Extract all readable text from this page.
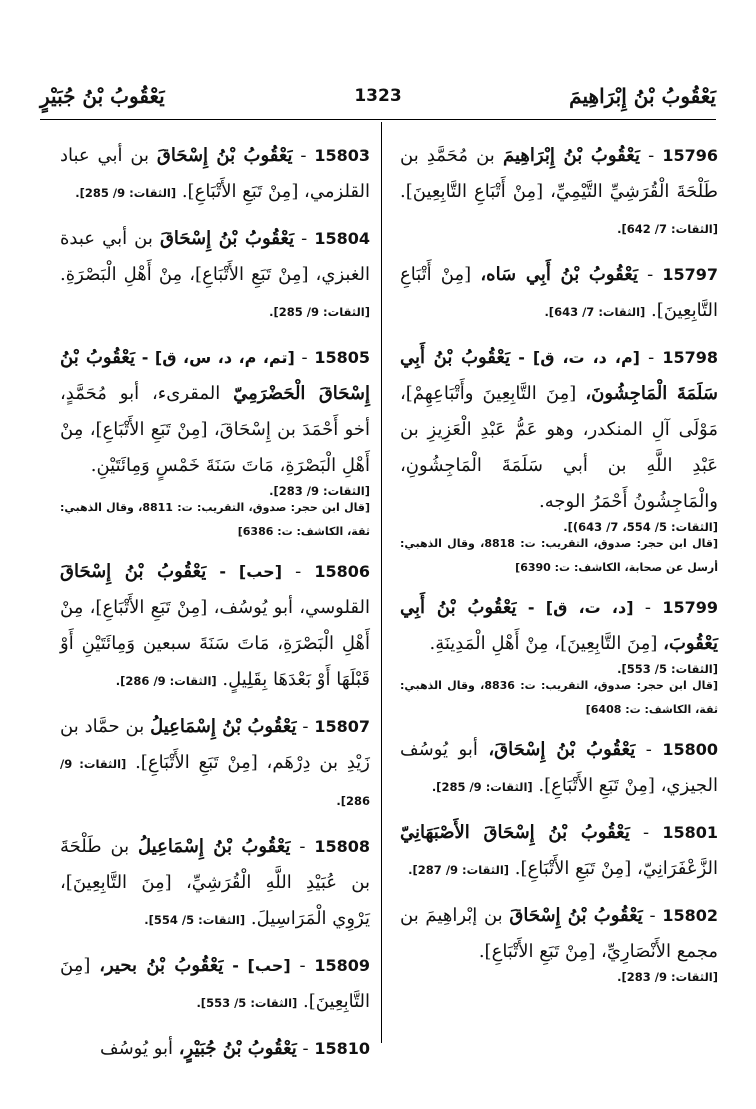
يَعْقُوبُ بْنُ إِبْرَاهِيمَ
1323
يَعْقُوبُ بْنُ جُبَيْرٍ
15796 - يَعْقُوبُ بْنُ إِبْرَاهِيمَ بن مُحَمَّدِ بن طَلْحَةَ الْقُرَشِيِّ التَّيْمِيِّ، [مِنْ أَتْبَاعِ التَّابِعِينَ]. [الثقات: 7/ 642].
15797 - يَعْقُوبُ بْنُ أَبِي سَاه، [مِنْ أَتْبَاعِ التَّابِعِينَ]. [الثقات: 7/ 643].
15798 - [م، د، ت، ق] - يَعْقُوبُ بْنُ أَبِي سَلَمَةَ الْمَاجِشُونَ، [مِنَ التَّابِعِينَ وأَتْبَاعِهِمْ]، مَوْلَى آلِ المنكدر، وهو عَمُّ عَبْدِ الْعَزِيزِ بن عَبْدِ اللَّهِ بن أبي سَلَمَةَ الْمَاجِشُونِ، والْمَاجِشُونُ أَحْمَرُ الوجه.
[الثقات: 5/ 554، 7/ 643)].
[قال ابن حجر: صدوق، التقريب: ت: 8818، وقال الذهبي: أرسل عن صحابة، الكاشف: ت: 6390]
15799 - [د، ت، ق] - يَعْقُوبُ بْنُ أَبِي يَعْقُوبَ، [مِنَ التَّابِعِينَ]، مِنْ أَهْلِ الْمَدِينَةِ.
[الثقات: 5/ 553].
[قال ابن حجر: صدوق، التقريب: ت: 8836، وقال الذهبي: ثقة، الكاشف: ت: 6408]
15800 - يَعْقُوبُ بْنُ إِسْحَاقَ، أبو يُوسُف الجيزي، [مِنْ تَبَعِ الأَتْبَاعِ]. [الثقات: 9/ 285].
15801 - يَعْقُوبُ بْنُ إِسْحَاقَ الأَصْبَهَانِيّ الزَّعْفَرَانِيّ، [مِنْ تَبَعِ الأَتْبَاعِ]. [الثقات: 9/ 287].
15802 - يَعْقُوبُ بْنُ إِسْحَاقَ بن إبْراهِيمَ بن مجمع الأَنْصَارِيِّ، [مِنْ تَبَعِ الأَتْبَاعِ].
[الثقات: 9/ 283].
15803 - يَعْقُوبُ بْنُ إِسْحَاقَ بن أبي عباد القلزمي، [مِنْ تَبَعِ الأَتْبَاعِ]. [الثقات: 9/ 285].
15804 - يَعْقُوبُ بْنُ إِسْحَاقَ بن أبي عبدة الغبزي، [مِنْ تَبَعِ الأَتْبَاعِ]، مِنْ أَهْلِ الْبَصْرَةِ. [الثقات: 9/ 285].
15805 - [تم، م، د، س، ق] - يَعْقُوبُ بْنُ إِسْحَاقَ الْحَضْرَمِيّ المقرىء، أبو مُحَمَّدٍ، أخو أَحْمَدَ بن إِسْحَاقَ، [مِنْ تَبَعِ الأَتْبَاعِ]، مِنْ أَهْلِ الْبَصْرَةِ، مَاتَ سَنَةَ خَمْسٍ وَمِائَتَيْنِ.
[الثقات: 9/ 283].
[قال ابن حجر: صدوق، التقريب: ت: 8811، وقال الذهبي: ثقة، الكاشف: ت: 6386]
15806 - [حب] - يَعْقُوبُ بْنُ إِسْحَاقَ القلوسي، أبو يُوسُف، [مِنْ تَبَعِ الأَتْبَاعِ]، مِنْ أَهْلِ الْبَصْرَةِ، مَاتَ سَنَةَ سبعين وَمِائَتَيْنِ أَوْ قَبْلَهَا أَوْ بَعْدَهَا بِقَلِيلٍ. [الثقات: 9/ 286].
15807 - يَعْقُوبُ بْنُ إِسْمَاعِيلُ بن حمَّاد بن زَيْدِ بن دِرْهَم، [مِنْ تَبَعِ الأَتْبَاعِ]. [الثقات: 9/ 286].
15808 - يَعْقُوبُ بْنُ إِسْمَاعِيلُ بن طَلْحَةَ بن عُبَيْدِ اللَّهِ الْقُرَشِيِّ، [مِنَ التَّابِعِينَ]، يَرْوِي الْمَرَاسِيلَ. [الثقات: 5/ 554].
15809 - [حب] - يَعْقُوبُ بْنُ بحير، [مِنَ التَّابِعِينَ]. [الثقات: 5/ 553].
15810 - يَعْقُوبُ بْنُ جُبَيْرٍ، أبو يُوسُف
